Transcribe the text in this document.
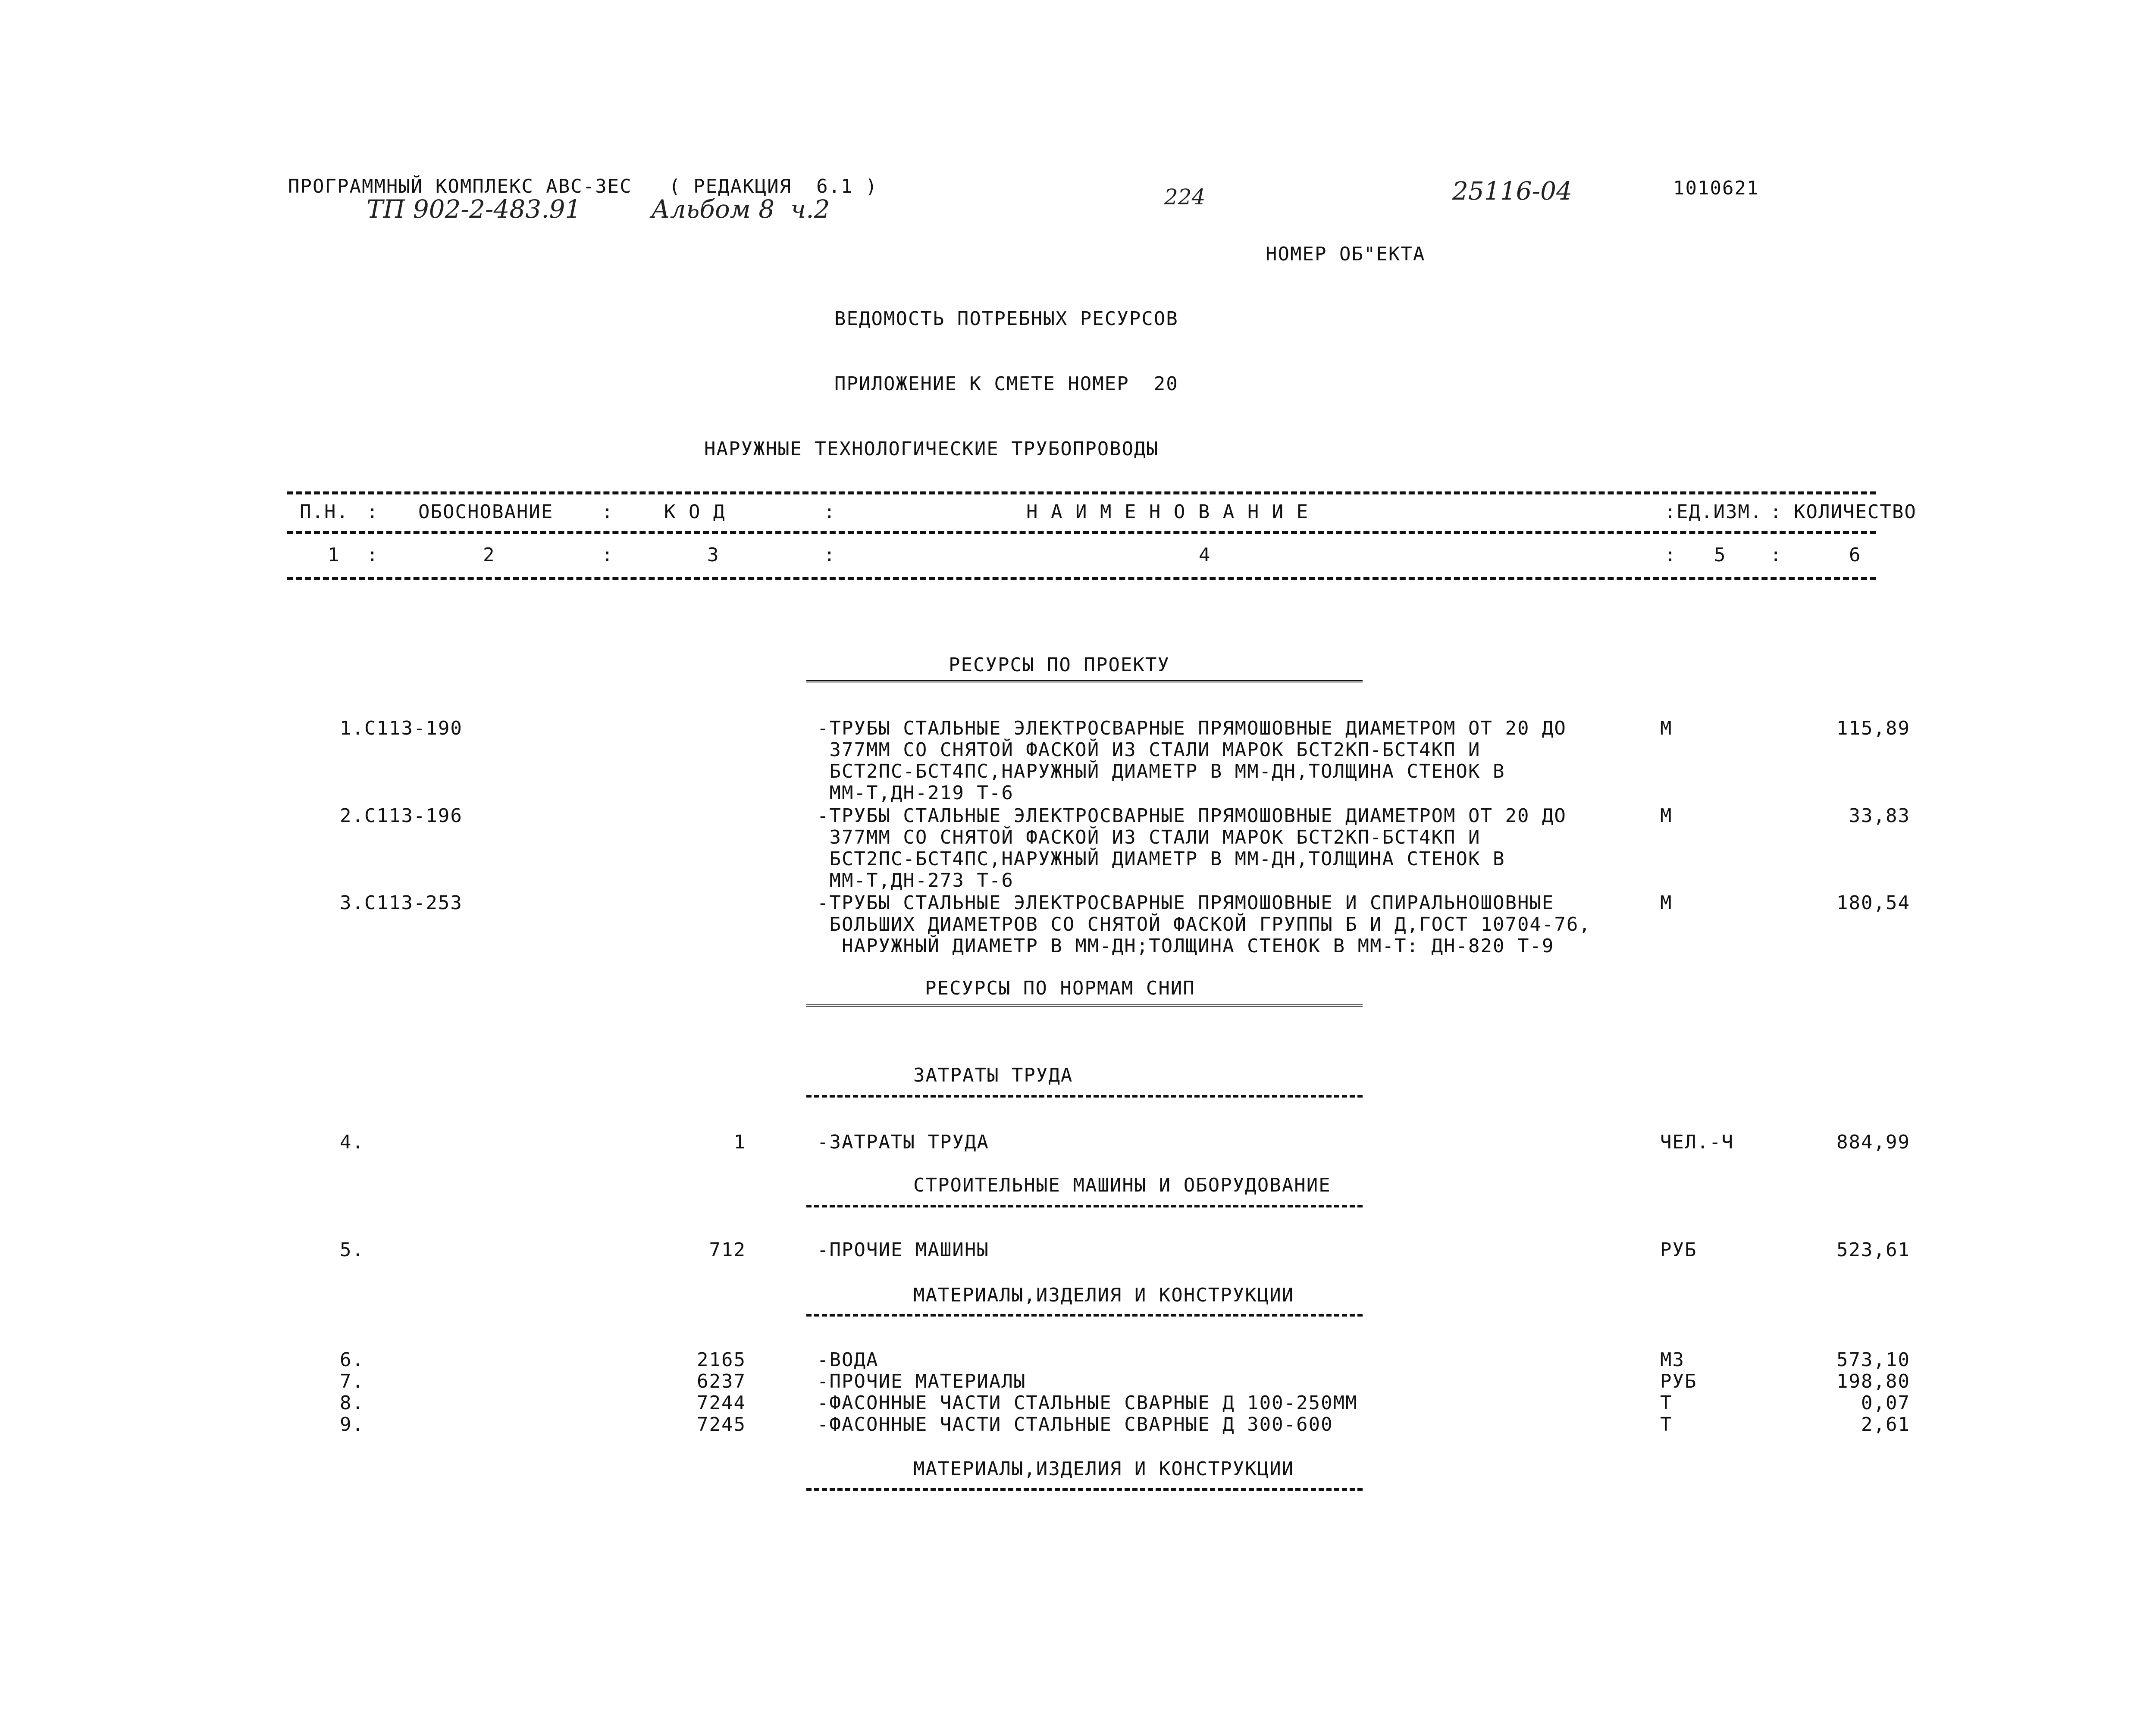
ПРОГРАММНЫЙ КОМПЛЕКС АВС-3ЕС   ( РЕДАКЦИЯ  6.1 )
ТП 902-2-483.91	Альбом 8  ч.2	224	25116-04	1010621
НОМЕР ОБ"ЕКТА
ВЕДОМОСТЬ ПОТРЕБНЫХ РЕСУРСОВ
ПРИЛОЖЕНИЕ К СМЕТЕ НОМЕР  20
НАРУЖНЫЕ ТЕХНОЛОГИЧЕСКИЕ ТРУБОПРОВОДЫ
П.Н. : ОБОСНОВАНИЕ	:	К О Д	:	Н А И М Е Н О В А Н И Е	: ЕД.ИЗМ. : КОЛИЧЕСТВО
1 :	2	:	3	:	4	: 5 :	6
РЕСУРСЫ ПО ПРОЕКТУ
1.С113-190	-ТРУБЫ СТАЛЬНЫЕ ЭЛЕКТРОСВАРНЫЕ ПРЯМОШОВНЫЕ ДИАМЕТРОМ ОТ 20 ДО
377ММ СО СНЯТОЙ ФАСКОЙ ИЗ СТАЛИ МАРОК БСТ2КП-БСТ4КП И
БСТ2ПС-БСТ4ПС,НАРУЖНЫЙ ДИАМЕТР В ММ-ДН,ТОЛЩИНА СТЕНОК В
ММ-Т,ДН-219 Т-6
М	115,89
2.С113-196	-ТРУБЫ СТАЛЬНЫЕ ЭЛЕКТРОСВАРНЫЕ ПРЯМОШОВНЫЕ ДИАМЕТРОМ ОТ 20 ДО
377ММ СО СНЯТОЙ ФАСКОЙ ИЗ СТАЛИ МАРОК БСТ2КП-БСТ4КП И
БСТ2ПС-БСТ4ПС,НАРУЖНЫЙ ДИАМЕТР В ММ-ДН,ТОЛЩИНА СТЕНОК В
ММ-Т,ДН-273 Т-6
М	33,83
3.С113-253	-ТРУБЫ СТАЛЬНЫЕ ЭЛЕКТРОСВАРНЫЕ ПРЯМОШОВНЫЕ И СПИРАЛЬНОШОВНЫЕ
БОЛЬШИХ ДИАМЕТРОВ СО СНЯТОЙ ФАСКОЙ ГРУППЫ Б И Д,ГОСТ 10704-76,
НАРУЖНЫЙ ДИАМЕТР В ММ-ДН;ТОЛЩИНА СТЕНОК В ММ-Т: ДН-820 Т-9
М	180,54
РЕСУРСЫ ПО НОРМАМ СНИП
ЗАТРАТЫ ТРУДА
4.	1	-ЗАТРАТЫ ТРУДА	ЧЕЛ.-Ч	884,99
СТРОИТЕЛЬНЫЕ МАШИНЫ И ОБОРУДОВАНИЕ
5.	712	-ПРОЧИЕ МАШИНЫ	РУБ	523,61
МАТЕРИАЛЫ,ИЗДЕЛИЯ И КОНСТРУКЦИИ
6.	2165	-ВОДА	М3	573,10
7.	6237	-ПРОЧИЕ МАТЕРИАЛЫ	РУБ	198,80
8.	7244	-ФАСОННЫЕ ЧАСТИ СТАЛЬНЫЕ СВАРНЫЕ Д 100-250ММ	Т	0,07
9.	7245	-ФАСОННЫЕ ЧАСТИ СТАЛЬНЫЕ СВАРНЫЕ Д 300-600	Т	2,61
МАТЕРИАЛЫ,ИЗДЕЛИЯ И КОНСТРУКЦИИ
